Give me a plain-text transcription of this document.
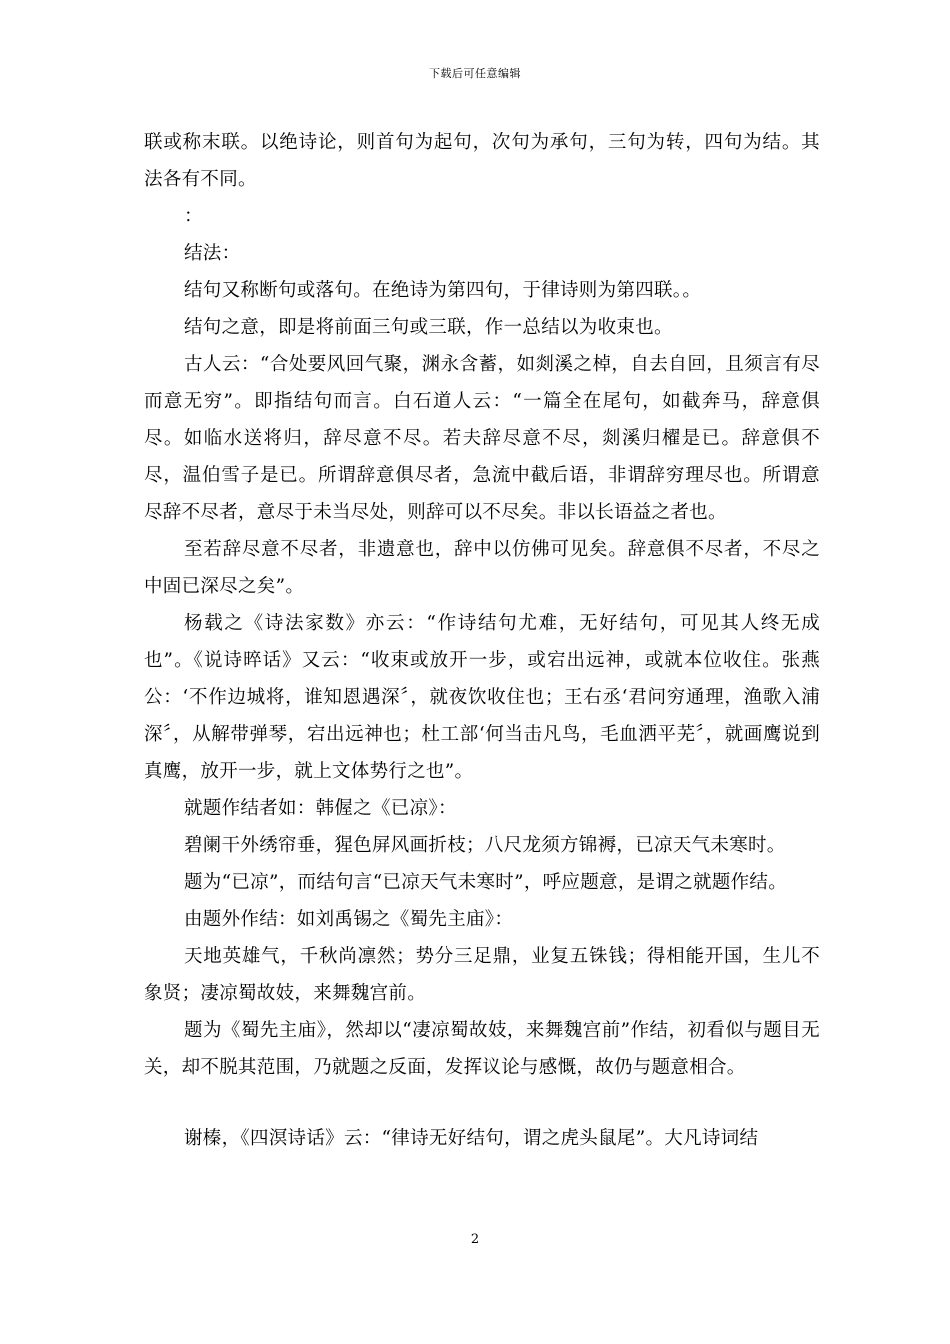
下载后可任意编辑

联或称末联。以绝诗论，则首句为起句，次句为承句，三句为转，四句为结。其法各有不同。

：

结法：

结句又称断句或落句。在绝诗为第四句，于律诗则为第四联。。

结句之意，即是将前面三句或三联，作一总结以为收束也。

古人云：“合处要风回气聚，渊永含蓄，如剡溪之棹，自去自回，且须言有尽而意无穷”。即指结句而言。白石道人云：“一篇全在尾句，如截奔马，辞意俱尽。如临水送将归，辞尽意不尽。若夫辞尽意不尽，剡溪归櫂是已。辞意俱不尽，温伯雪子是已。所谓辞意俱尽者，急流中截后语，非谓辞穷理尽也。所谓意尽辞不尽者，意尽于未当尽处，则辞可以不尽矣。非以长语益之者也。

至若辞尽意不尽者，非遗意也，辞中以仿佛可见矣。辞意俱不尽者，不尽之中固已深尽之矣”。

杨载之《诗法家数》亦云：“作诗结句尤难，无好结句，可见其人终无成也”。《说诗晬话》又云：“收束或放开一步，或宕出远神，或就本位收住。张燕公：‘不作边城将，谁知恩遇深〞，就夜饮收住也；王右丞‘君问穷通理，渔歌入浦深〞，从解带弹琴，宕出远神也；杜工部‘何当击凡鸟，毛血洒平芜〞，就画鹰说到真鹰，放开一步，就上文体势行之也”。

就题作结者如：韩偓之《已凉》：

碧阑干外绣帘垂，猩色屏风画折枝；八尺龙须方锦褥，已凉天气未寒时。

题为“已凉”，而结句言“已凉天气未寒时”，呼应题意，是谓之就题作结。

由题外作结：如刘禹锡之《蜀先主庙》：

天地英雄气，千秋尚凛然；势分三足鼎，业复五铢钱；得相能开国，生儿不象贤；凄凉蜀故妓，来舞魏宫前。

题为《蜀先主庙》，然却以“凄凉蜀故妓，来舞魏宫前”作结，初看似与题目无关，却不脱其范围，乃就题之反面，发挥议论与感慨，故仍与题意相合。

谢榛，《四溟诗话》云：“律诗无好结句，谓之虎头鼠尾”。大凡诗词结

2
